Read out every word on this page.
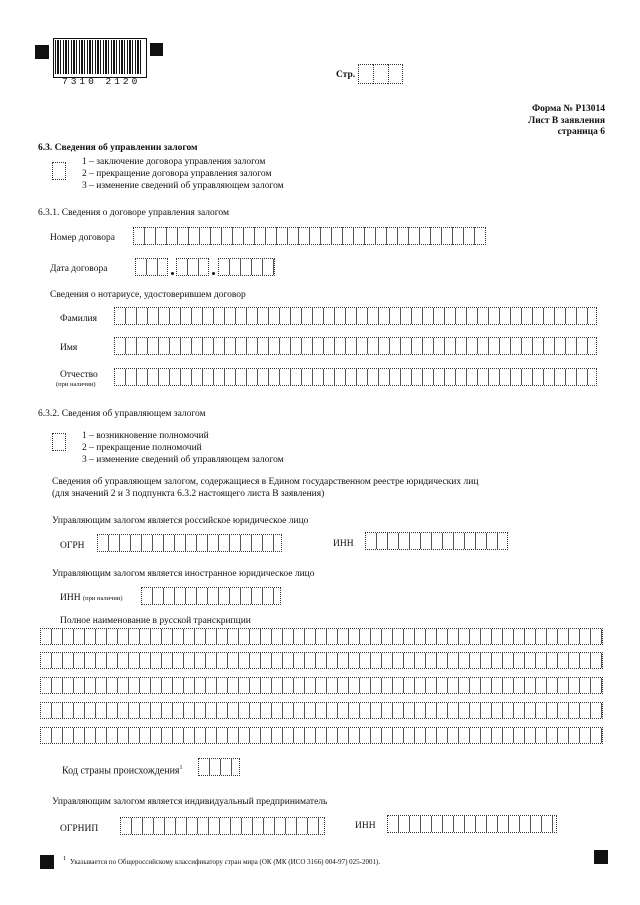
7310 2120
Стр.
Форма № Р13014
Лист В заявления
страница 6
6.3. Сведения об управлении залогом
1 – заключение договора управления залогом
2 – прекращение договора управления залогом
3 – изменение сведений об управляющем залогом
6.3.1. Сведения о договоре управления залогом
Номер договора
Дата договора
Сведения о нотариусе, удостоверившем договор
Фамилия
Имя
Отчество
(при наличии)
6.3.2. Сведения об управляющем залогом
1 – возникновение полномочий
2 – прекращение полномочий
3 – изменение сведений об управляющем залогом
Сведения об управляющем залогом, содержащиеся в Едином государственном реестре юридических лиц
(для значений 2 и 3 подпункта 6.3.2 настоящего листа В заявления)
Управляющим залогом является российское юридическое лицо
ОГРН	ИНН
Управляющим залогом является иностранное юридическое лицо
ИНН (при наличии)
Полное наименование в русской транскрипции
Код страны происхождения$^1$
Управляющим залогом является индивидуальный предприниматель
ОГРНИП	ИНН
1 Указывается по Общероссийскому классификатору стран мира (ОК (МК (ИСО 3166) 004-97) 025-2001).
